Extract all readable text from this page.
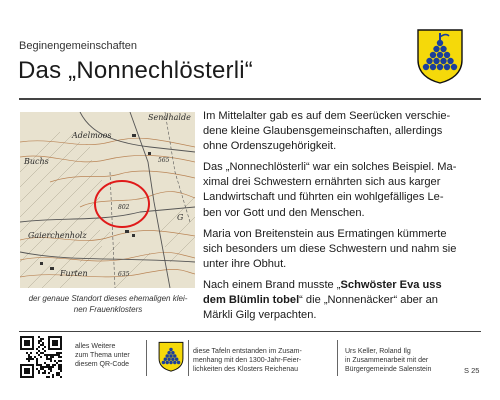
Beginengemeinschaften
Das „Nonnechlösterli“
Sendhalde
Adelmoos
Buchs	565
802
Gaierchenholz
Furten	635
G
der genaue Standort dieses ehemaligen klei-
nen Frauenklosters

Im Mittelalter gab es auf dem Seerücken verschie-
dene kleine Glaubensgemeinschaften, allerdings
ohne Ordenszugehörigkeit.

Das „Nonnechlösterli“ war ein solches Beispiel. Ma-
ximal drei Schwestern ernährten sich aus karger
Landwirtschaft und führten ein wohlgefälliges Le-
ben vor Gott und den Menschen.

Maria von Breitenstein aus Ermatingen kümmerte
sich besonders um diese Schwestern und nahm sie
unter ihre Obhut.

Nach einem Brand musste „Schwöster Eva uss
dem Blümlin tobel“ die „Nonnenäcker“ aber an
Märkli Gilg verpachten.

alles Weitere
zum Thema unter
diesem QR-Code
diese Tafeln entstanden im Zusam-
menhang mit den 1300-Jahr-Feier-
lichkeiten des Klosters Reichenau
Urs Keller, Roland Ilg
in Zusammenarbeit mit der
Bürgergemeinde Salenstein	S 25
